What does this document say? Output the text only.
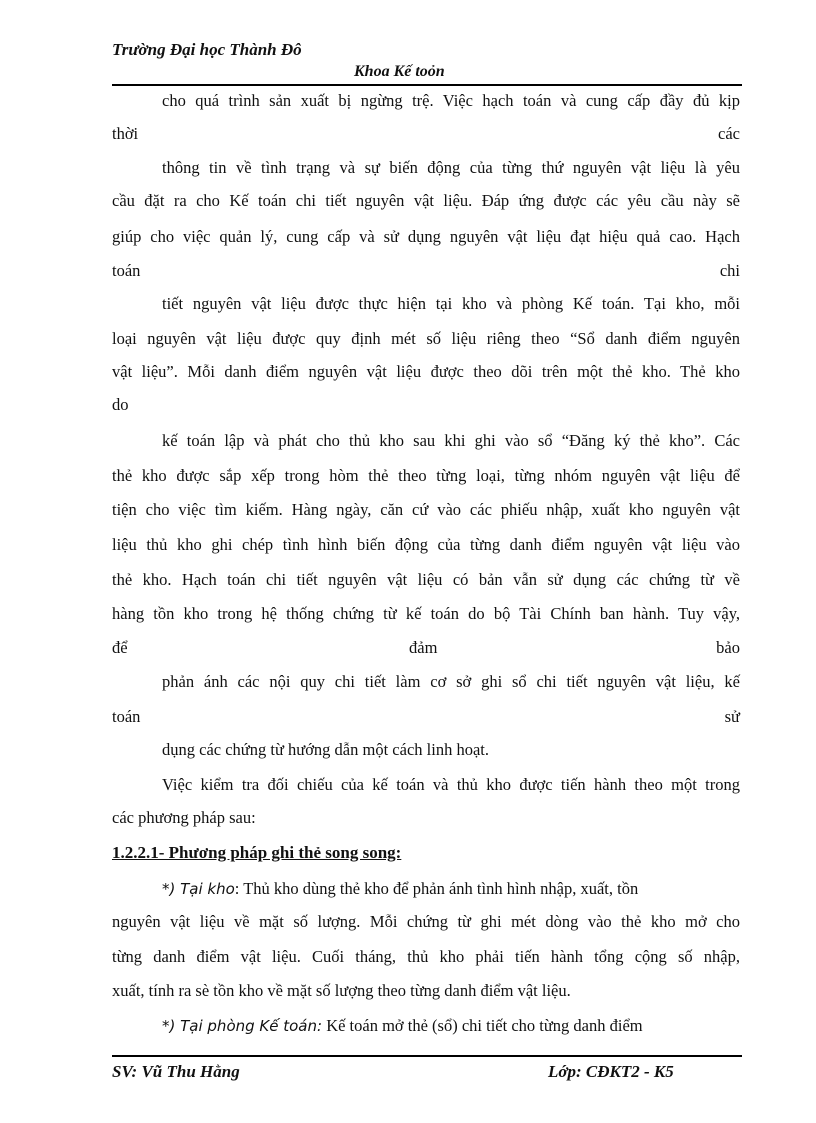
Trường Đại học Thành Đô
Khoa Kế toỏn
cho quá trình sản xuất bị ngừng trệ. Việc hạch toán và cung cấp đầy đủ kịp
thời	các
thông tin về tình trạng và sự biến động của từng thứ nguyên vật liệu là yêu
cầu đặt ra cho Kế toán chi tiết nguyên vật liệu. Đáp ứng được các yêu cầu này sẽ
giúp cho việc quản lý, cung cấp và sử dụng nguyên vật liệu đạt hiệu quả cao. Hạch
toán	chi
tiết nguyên vật liệu được thực hiện tại kho và phòng Kế toán. Tại kho, mỗi
loại nguyên vật liệu được quy định mét số liệu riêng theo “Sổ danh điểm nguyên
vật liệu”. Mỗi danh điểm nguyên vật liệu được theo dõi trên một thẻ kho. Thẻ kho
do
kế toán lập và phát cho thủ kho sau khi ghi vào sổ “Đăng ký thẻ kho”. Các
thẻ kho được sắp xếp trong hòm thẻ theo từng loại, từng nhóm nguyên vật liệu để
tiện cho việc tìm kiếm. Hàng ngày, căn cứ vào các phiếu nhập, xuất kho nguyên vật
liệu thủ kho ghi chép tình hình biến động của từng danh điểm nguyên vật liệu vào
thẻ kho. Hạch toán chi tiết nguyên vật liệu có bản vẫn sử dụng các chứng từ về
hàng tồn kho trong hệ thống chứng từ kế toán do bộ Tài Chính ban hành. Tuy vậy,
để	đảm	bảo
phản ánh các nội quy chi tiết làm cơ sở ghi sổ chi tiết nguyên vật liệu, kế
toán	sử
dụng các chứng từ hướng dẫn một cách linh hoạt.
Việc kiểm tra đối chiếu của kế toán và thủ kho được tiến hành theo một trong
các phương pháp sau:
1.2.2.1- Phương pháp ghi thẻ song song:
*) Tại kho: Thủ kho dùng thẻ kho để phản ánh tình hình nhập, xuất, tồn
nguyên vật liệu về mặt số lượng. Mỗi chứng từ ghi mét dòng vào thẻ kho mở cho
từng danh điểm vật liệu. Cuối tháng, thủ kho phải tiến hành tổng cộng số nhập,
xuất, tính ra sè tồn kho về mặt số lượng theo từng danh điểm vật liệu.
*) Tại phòng Kế toán: Kế toán mở thẻ (sổ) chi tiết cho từng danh điểm
SV: Vũ Thu Hằng	Lớp: CĐKT2 - K5
